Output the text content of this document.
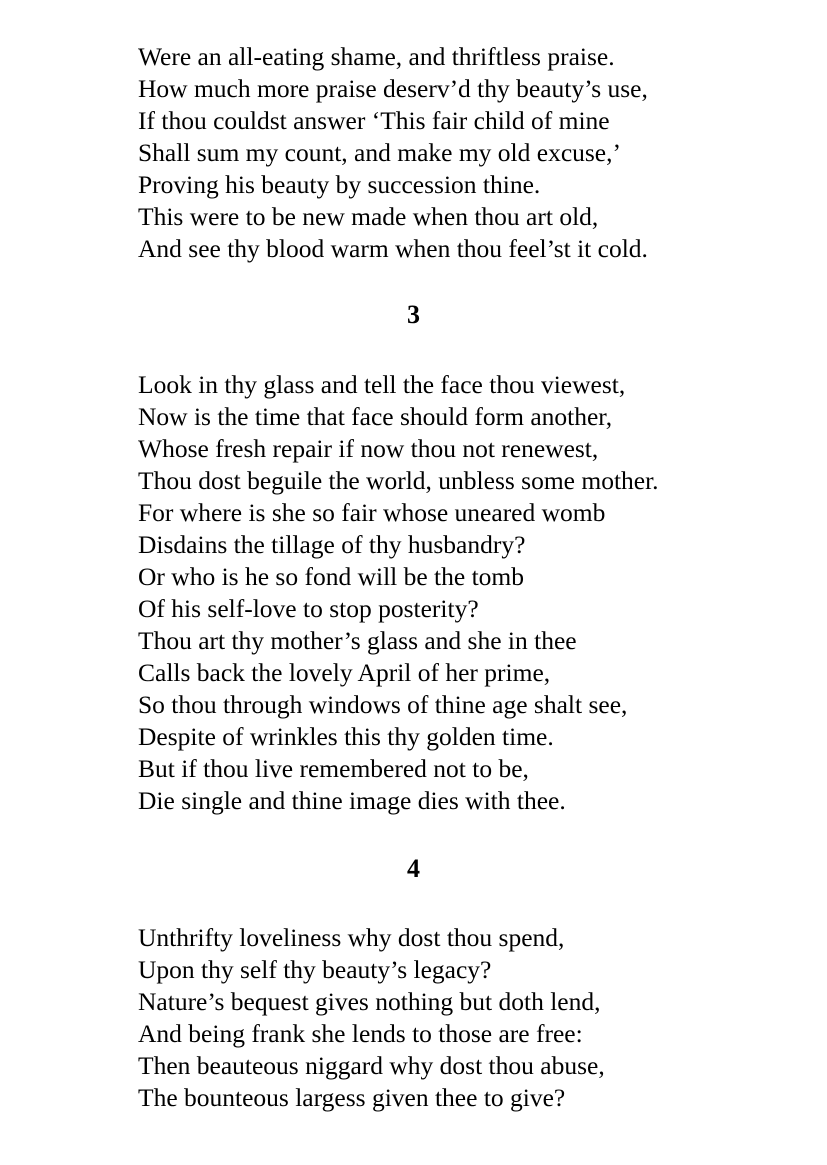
Were an all-eating shame, and thriftless praise.
How much more praise deserv’d thy beauty’s use,
If thou couldst answer ‘This fair child of mine
Shall sum my count, and make my old excuse,’
Proving his beauty by succession thine.
This were to be new made when thou art old,
And see thy blood warm when thou feel’st it cold.
3
Look in thy glass and tell the face thou viewest,
Now is the time that face should form another,
Whose fresh repair if now thou not renewest,
Thou dost beguile the world, unbless some mother.
For where is she so fair whose uneared womb
Disdains the tillage of thy husbandry?
Or who is he so fond will be the tomb
Of his self-love to stop posterity?
Thou art thy mother’s glass and she in thee
Calls back the lovely April of her prime,
So thou through windows of thine age shalt see,
Despite of wrinkles this thy golden time.
But if thou live remembered not to be,
Die single and thine image dies with thee.
4
Unthrifty loveliness why dost thou spend,
Upon thy self thy beauty’s legacy?
Nature’s bequest gives nothing but doth lend,
And being frank she lends to those are free:
Then beauteous niggard why dost thou abuse,
The bounteous largess given thee to give?
